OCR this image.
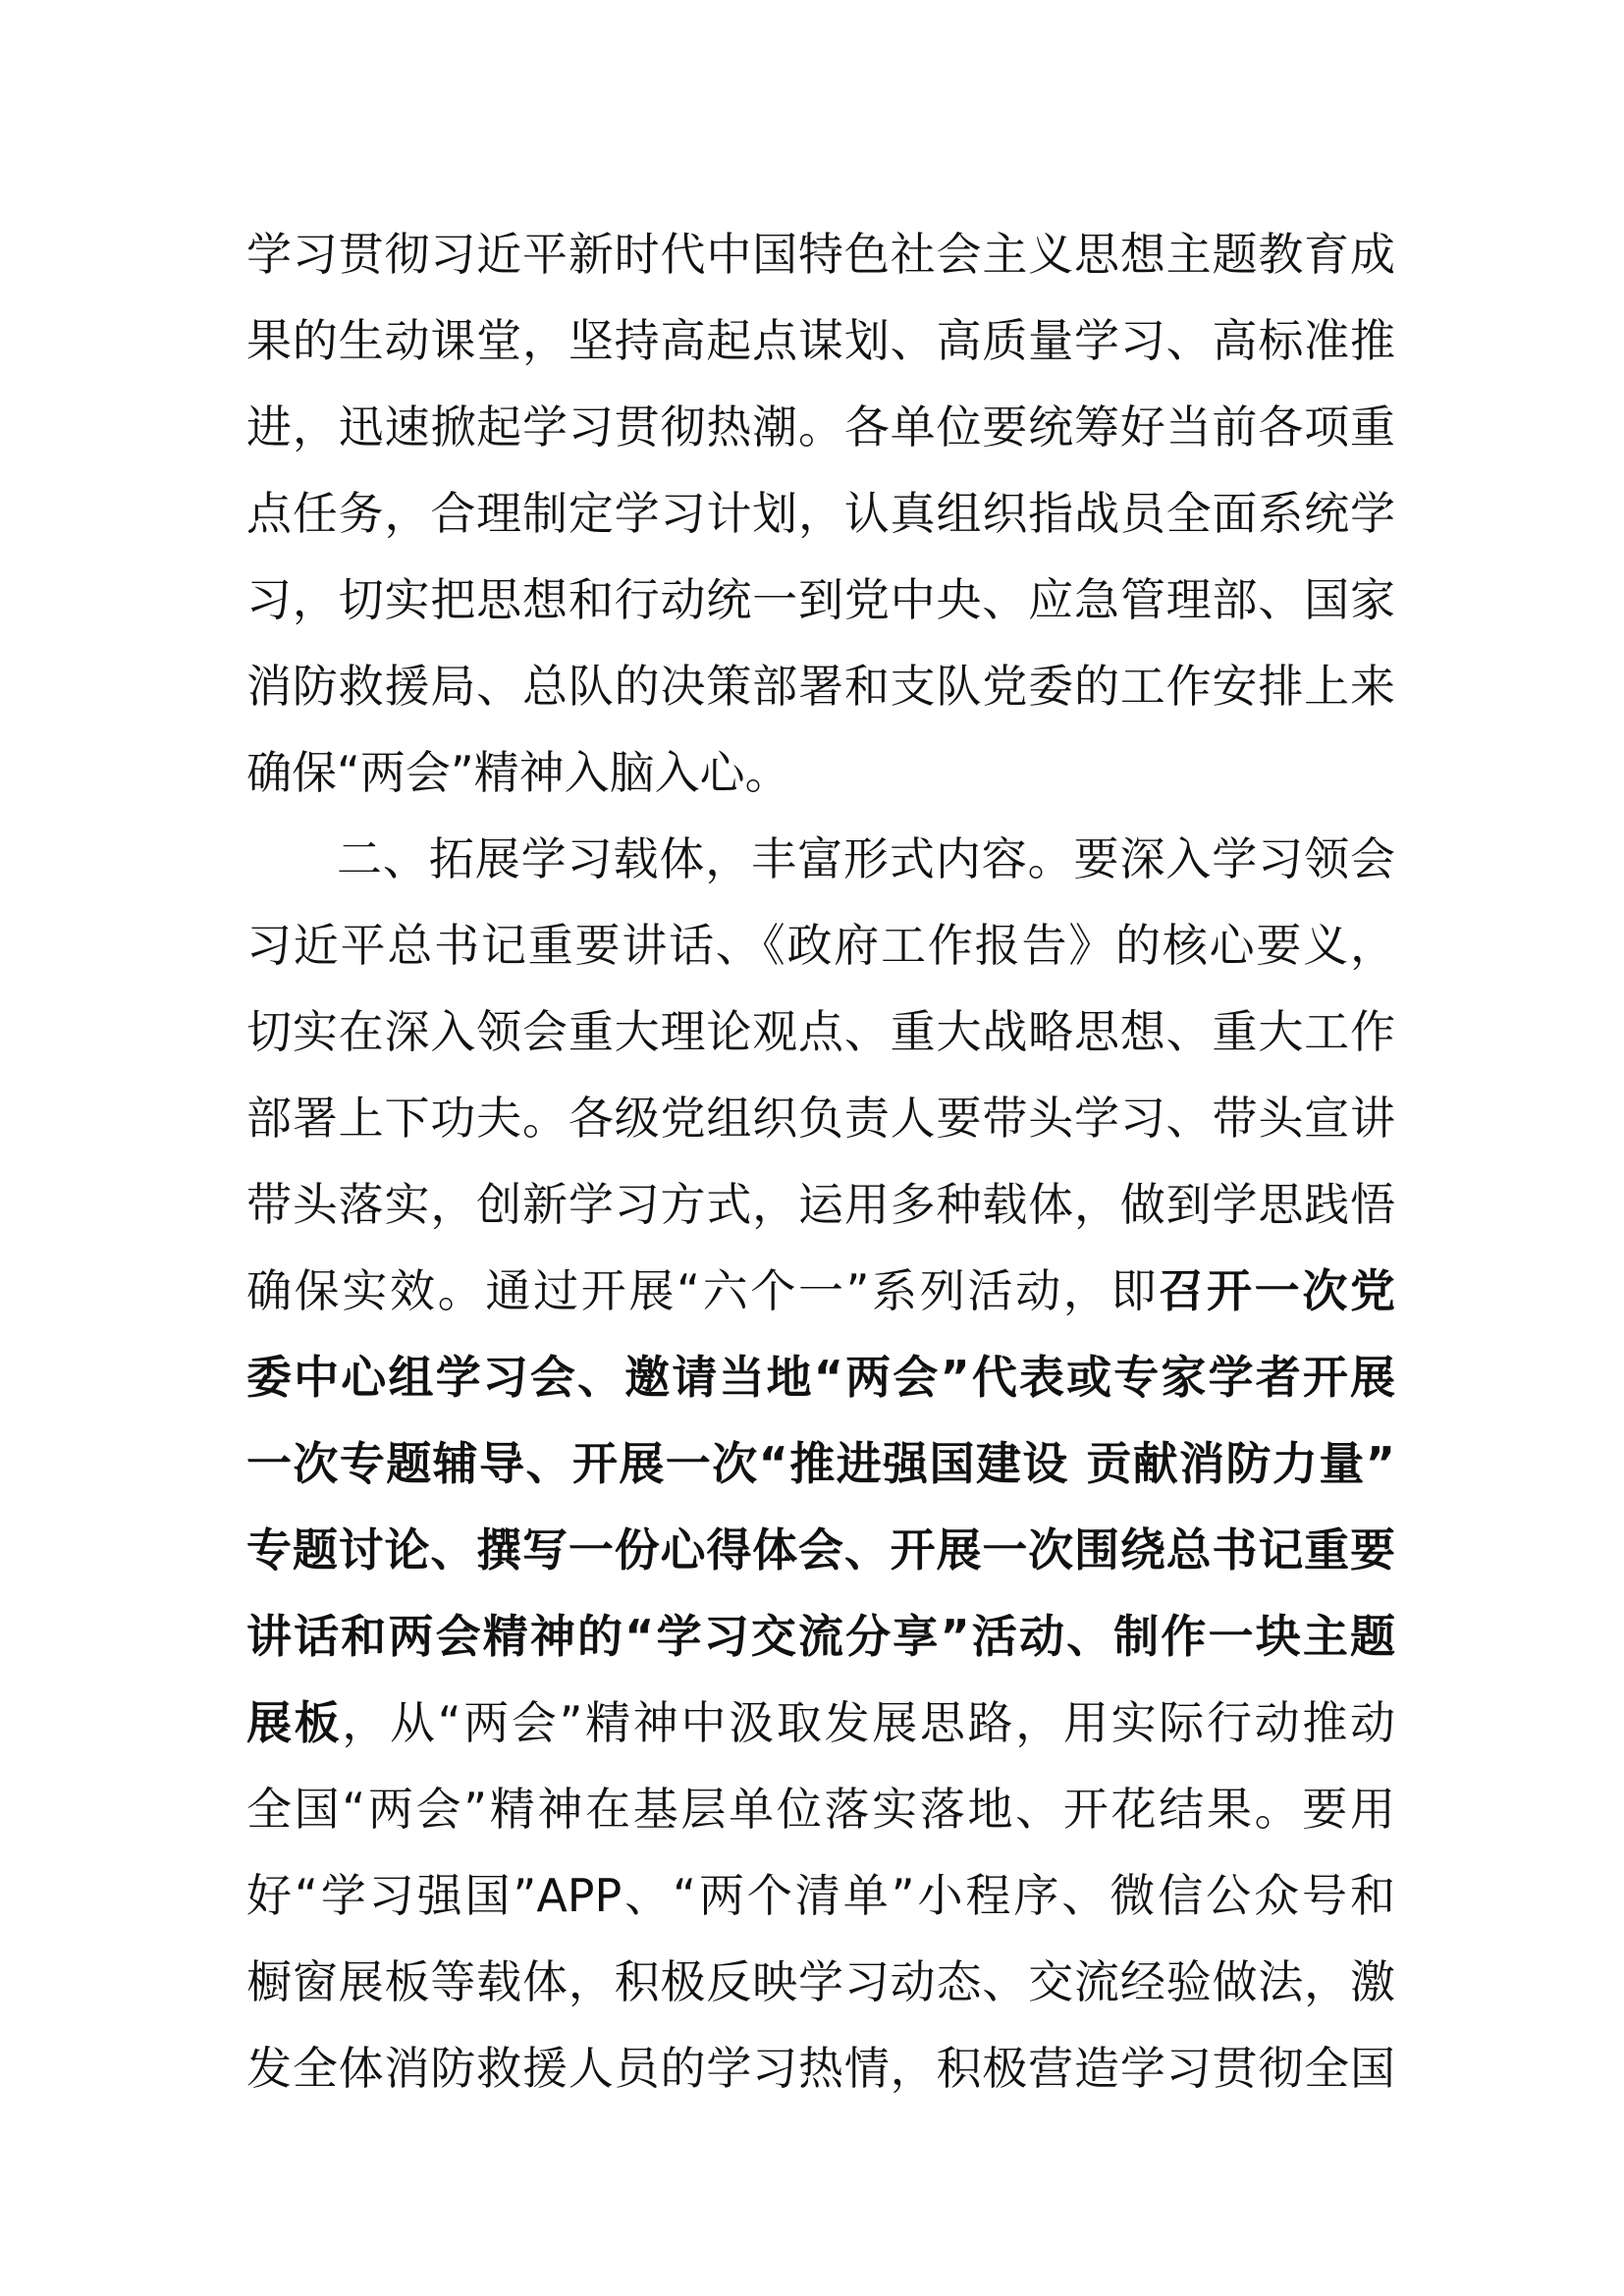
学习贯彻习近平新时代中国特色社会主义思想主题教育成
果的生动课堂，坚持高起点谋划、高质量学习、高标准推
进，迅速掀起学习贯彻热潮。各单位要统筹好当前各项重
点任务，合理制定学习计划，认真组织指战员全面系统学
习，切实把思想和行动统一到党中央、应急管理部、国家
消防救援局、总队的决策部署和支队党委的工作安排上来
确保“两会”精神入脑入心。
二、拓展学习载体，丰富形式内容。要深入学习领会
习近平总书记重要讲话、《政府工作报告》的核心要义，
切实在深入领会重大理论观点、重大战略思想、重大工作
部署上下功夫。各级党组织负责人要带头学习、带头宣讲
带头落实，创新学习方式，运用多种载体，做到学思践悟
确保实效。通过开展“六个一”系列活动，即召开一次党
委中心组学习会、邀请当地“两会”代表或专家学者开展
一次专题辅导、开展一次“推进强国建设 贡献消防力量”
专题讨论、撰写一份心得体会、开展一次围绕总书记重要
讲话和两会精神的“学习交流分享”活动、制作一块主题
展板，从“两会”精神中汲取发展思路，用实际行动推动
全国“两会”精神在基层单位落实落地、开花结果。要用
好“学习强国”APP、“两个清单”小程序、微信公众号和
橱窗展板等载体，积极反映学习动态、交流经验做法，激
发全体消防救援人员的学习热情，积极营造学习贯彻全国
